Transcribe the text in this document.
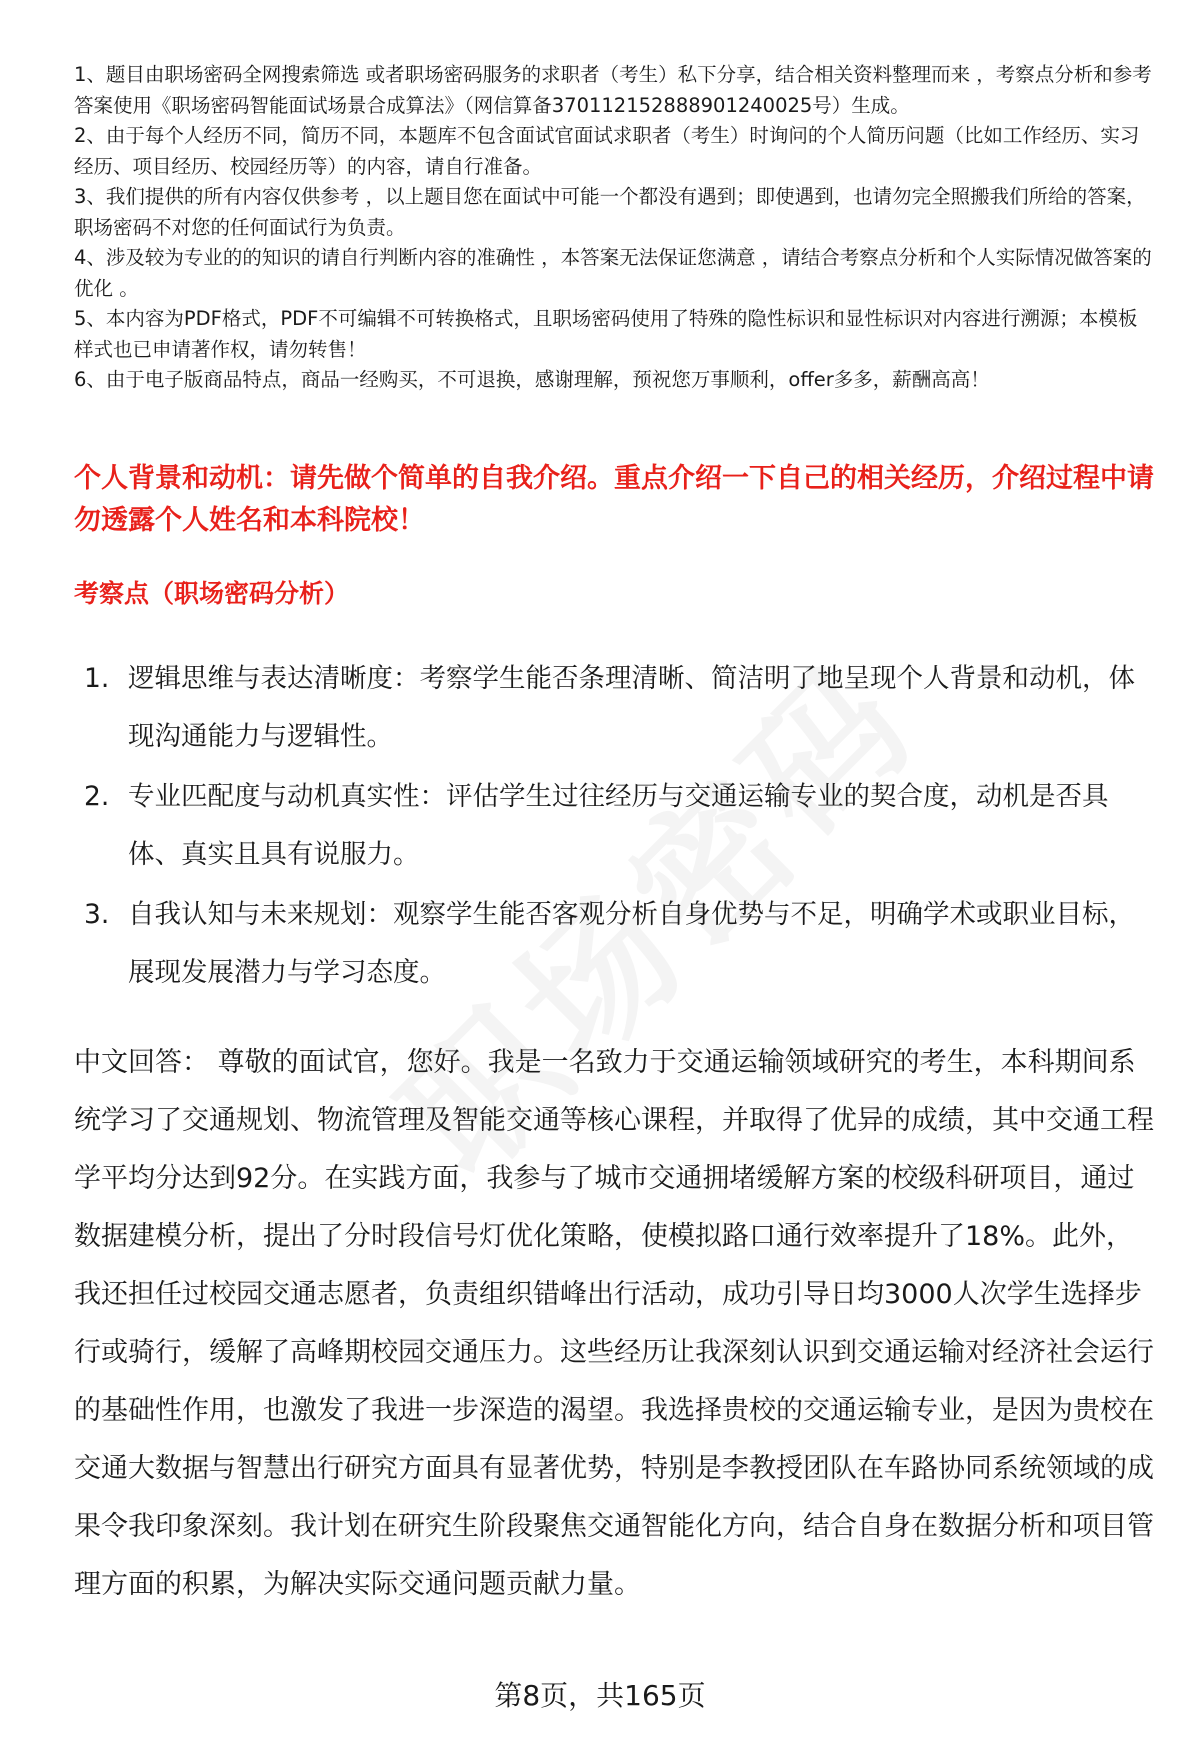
1、题目由职场密码全网搜索筛选 或者职场密码服务的求职者（考生）私下分享，结合相关资料整理而来 ，考察点分析和参考答案使用《职场密码智能面试场景合成算法》（网信算备370112152888901240025号）生成。

2、由于每个人经历不同，简历不同，本题库不包含面试官面试求职者（考生）时询问的个人简历问题（比如工作经历、实习经历、项目经历、校园经历等）的内容，请自行准备。

3、我们提供的所有内容仅供参考 ，以上题目您在面试中可能一个都没有遇到；即使遇到，也请勿完全照搬我们所给的答案，职场密码不对您的任何面试行为负责。

4、涉及较为专业的的知识的请自行判断内容的准确性 ，本答案无法保证您满意 ，请结合考察点分析和个人实际情况做答案的优化 。

5、本内容为PDF格式，PDF不可编辑不可转换格式，且职场密码使用了特殊的隐性标识和显性标识对内容进行溯源；本模板样式也已申请著作权，请勿转售！

6、由于电子版商品特点，商品一经购买，不可退换，感谢理解，预祝您万事顺利，offer多多，薪酬高高！

个人背景和动机：请先做个简单的自我介绍。重点介绍一下自己的相关经历，介绍过程中请勿透露个人姓名和本科院校！

考察点（职场密码分析）

1. 逻辑思维与表达清晰度：考察学生能否条理清晰、简洁明了地呈现个人背景和动机，体现沟通能力与逻辑性。
2. 专业匹配度与动机真实性：评估学生过往经历与交通运输专业的契合度，动机是否具体、真实且具有说服力。
3. 自我认知与未来规划：观察学生能否客观分析自身优势与不足，明确学术或职业目标，展现发展潜力与学习态度。

中文回答： 尊敬的面试官，您好。我是一名致力于交通运输领域研究的考生，本科期间系统学习了交通规划、物流管理及智能交通等核心课程，并取得了优异的成绩，其中交通工程学平均分达到92分。在实践方面，我参与了城市交通拥堵缓解方案的校级科研项目，通过数据建模分析，提出了分时段信号灯优化策略，使模拟路口通行效率提升了18%。此外，我还担任过校园交通志愿者，负责组织错峰出行活动，成功引导日均3000人次学生选择步行或骑行，缓解了高峰期校园交通压力。这些经历让我深刻认识到交通运输对经济社会运行的基础性作用，也激发了我进一步深造的渴望。我选择贵校的交通运输专业，是因为贵校在交通大数据与智慧出行研究方面具有显著优势，特别是李教授团队在车路协同系统领域的成果令我印象深刻。我计划在研究生阶段聚焦交通智能化方向，结合自身在数据分析和项目管理方面的积累，为解决实际交通问题贡献力量。

第8页，共165页
